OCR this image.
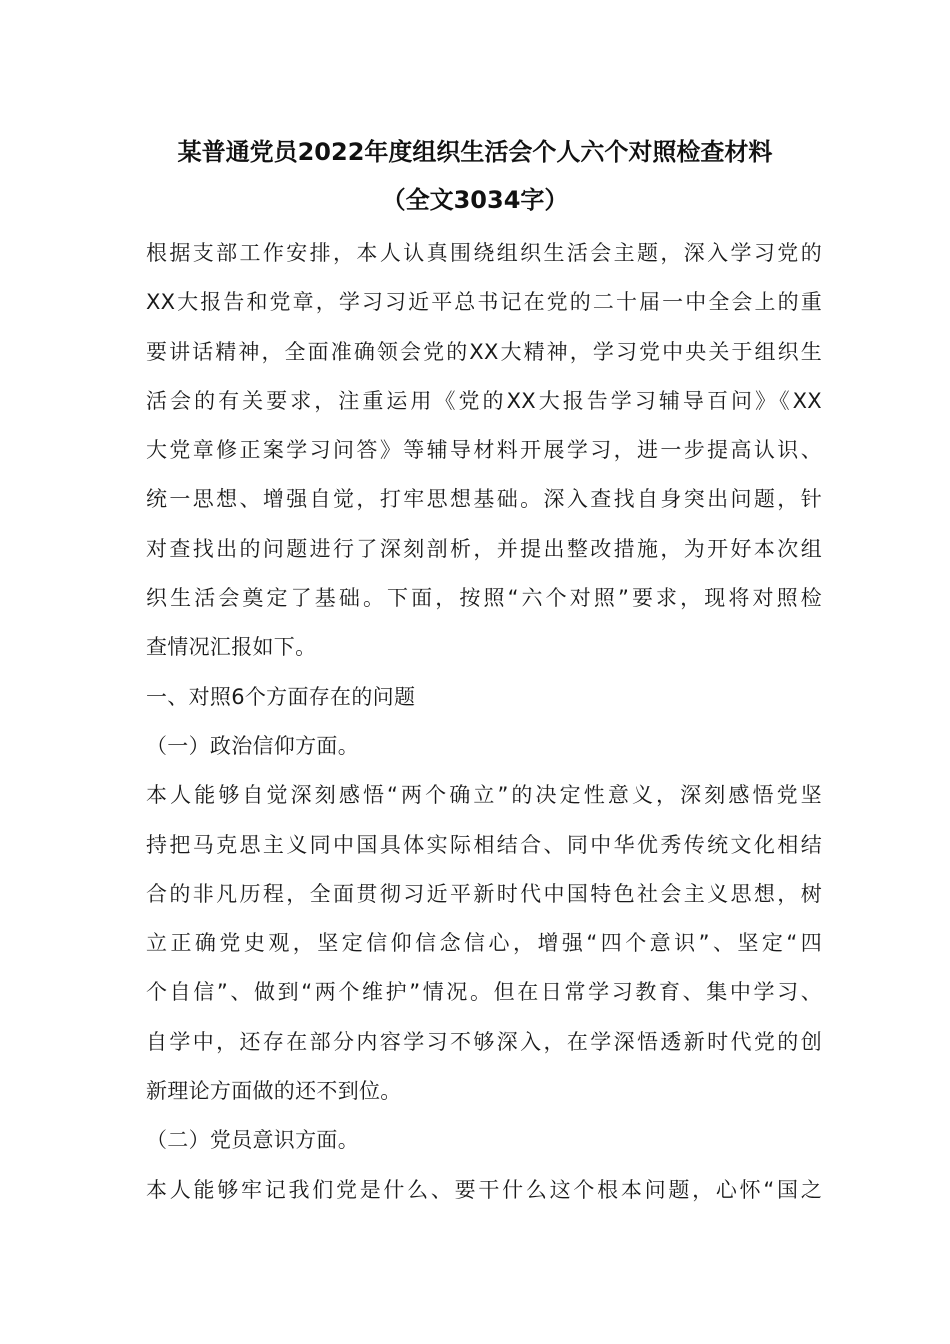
某普通党员2022年度组织生活会个人六个对照检查材料
（全文3034字）
根据支部工作安排，本人认真围绕组织生活会主题，深入学习党的
XX大报告和党章，学习习近平总书记在党的二十届一中全会上的重
要讲话精神，全面准确领会党的XX大精神，学习党中央关于组织生
活会的有关要求，注重运用《党的XX大报告学习辅导百问》《XX
大党章修正案学习问答》等辅导材料开展学习，进一步提高认识、
统一思想、增强自觉，打牢思想基础。深入查找自身突出问题，针
对查找出的问题进行了深刻剖析，并提出整改措施，为开好本次组
织生活会奠定了基础。下面，按照“六个对照”要求，现将对照检
查情况汇报如下。
一、对照6个方面存在的问题
（一）政治信仰方面。
本人能够自觉深刻感悟“两个确立”的决定性意义，深刻感悟党坚
持把马克思主义同中国具体实际相结合、同中华优秀传统文化相结
合的非凡历程，全面贯彻习近平新时代中国特色社会主义思想，树
立正确党史观，坚定信仰信念信心，增强“四个意识”、坚定“四
个自信”、做到“两个维护”情况。但在日常学习教育、集中学习、
自学中，还存在部分内容学习不够深入，在学深悟透新时代党的创
新理论方面做的还不到位。
（二）党员意识方面。
本人能够牢记我们党是什么、要干什么这个根本问题，心怀“国之
